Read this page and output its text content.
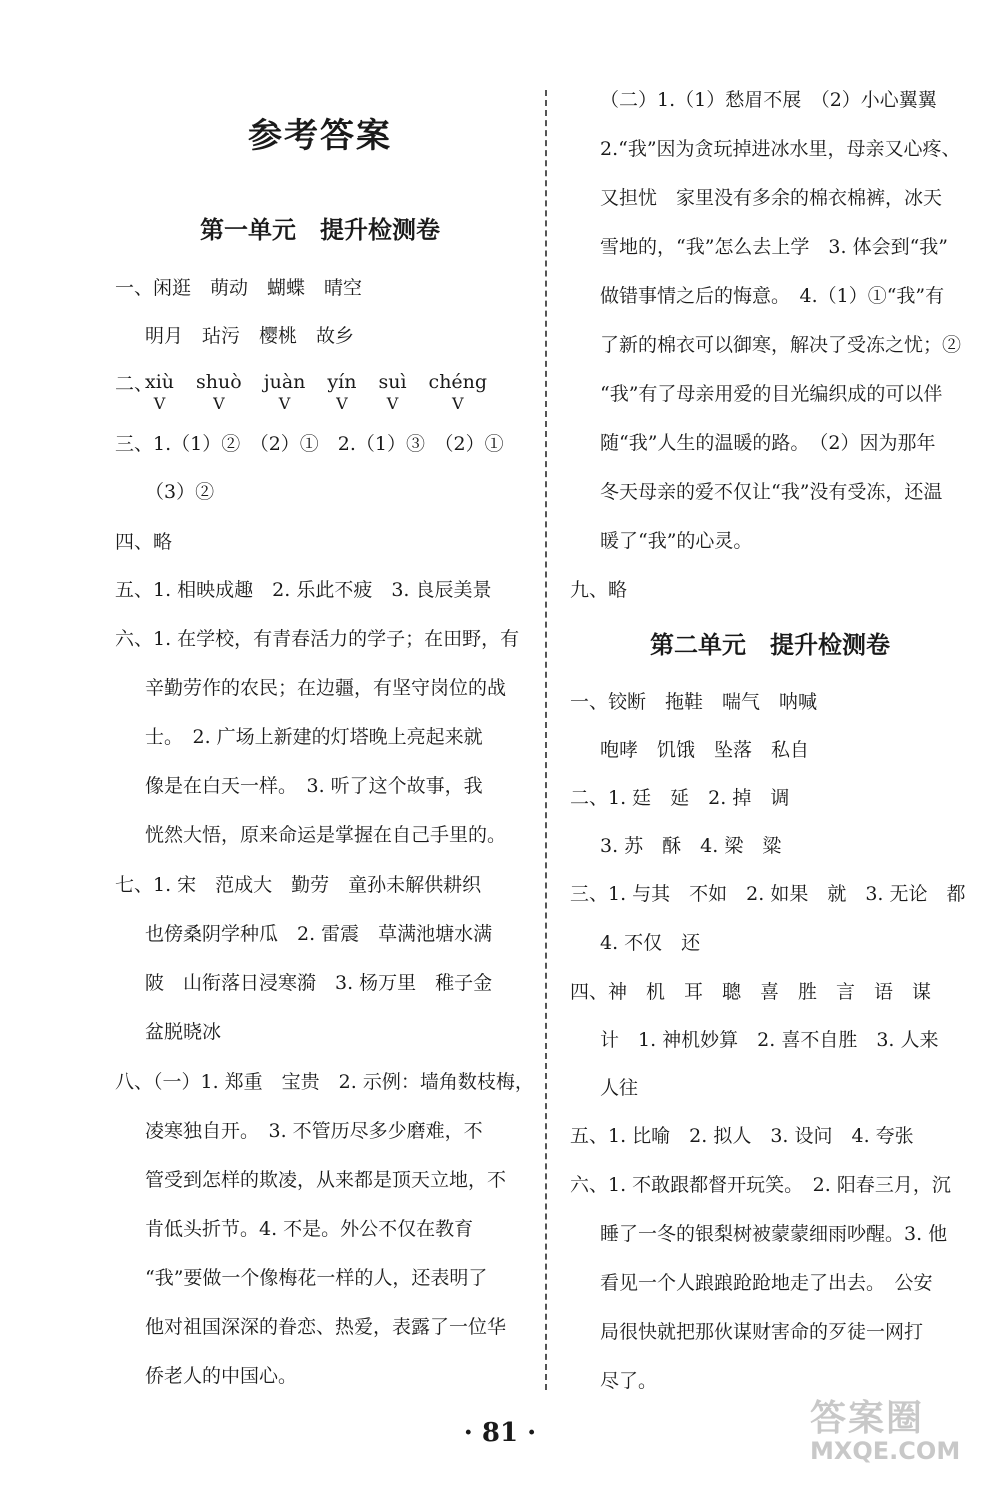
参考答案
第一单元　提升检测卷
一、闲逛　萌动　蝴蝶　晴空
明月　玷污　樱桃　故乡
二、
xiù V shuò V juàn V yín V suì V chéng V
三、1.（1）②　（2）①　2.（1）③　（2）①
（3）②
四、略
五、1. 相映成趣　2. 乐此不疲　3. 良辰美景
六、1. 在学校，有青春活力的学子；在田野，有
辛勤劳作的农民；在边疆，有坚守岗位的战
士。　2. 广场上新建的灯塔晚上亮起来就
像是在白天一样。　3. 听了这个故事，我
恍然大悟，原来命运是掌握在自己手里的。
七、1. 宋　范成大　勤劳　童孙未解供耕织
也傍桑阴学种瓜　2. 雷震　草满池塘水满
陂　山衔落日浸寒漪　3. 杨万里　稚子金
盆脱晓冰
八、（一）1. 郑重　宝贵　2. 示例：墙角数枝梅，
凌寒独自开。　3. 不管历尽多少磨难，不
管受到怎样的欺凌，从来都是顶天立地，不
肯低头折节。4. 不是。外公不仅在教育
“我”要做一个像梅花一样的人，还表明了
他对祖国深深的眷恋、热爱，表露了一位华
侨老人的中国心。
（二）1.（1）愁眉不展　（2）小心翼翼
2.“我”因为贪玩掉进冰水里，母亲又心疼、
又担忧　家里没有多余的棉衣棉裤，冰天
雪地的，“我”怎么去上学　3. 体会到“我”
做错事情之后的悔意。　4.（1）①“我”有
了新的棉衣可以御寒，解决了受冻之忧；②
“我”有了母亲用爱的目光编织成的可以伴
随“我”人生的温暖的路。　（2）因为那年
冬天母亲的爱不仅让“我”没有受冻，还温
暖了“我”的心灵。
九、略
第二单元　提升检测卷
一、铰断　拖鞋　喘气　呐喊
咆哮　饥饿　坠落　私自
二、1. 廷　延　2. 掉　调
3. 苏　酥　4. 梁　粱
三、1. 与其　不如　2. 如果　就　3. 无论　都
4. 不仅　还
四、神　机　耳　聰　喜　胜　言　语　谋
计　1. 神机妙算　2. 喜不自胜　3. 人来
人往
五、1. 比喻　2. 拟人　3. 设问　4. 夸张
六、1. 不敢跟都督开玩笑。　2. 阳春三月，沉
睡了一冬的银梨树被蒙蒙细雨吵醒。3. 他
看见一个人踉踉跄跄地走了出去。　公安
局很快就把那伙谋财害命的歹徒一网打
尽了。
· 81 ·	答案圈
MXQE.COM
